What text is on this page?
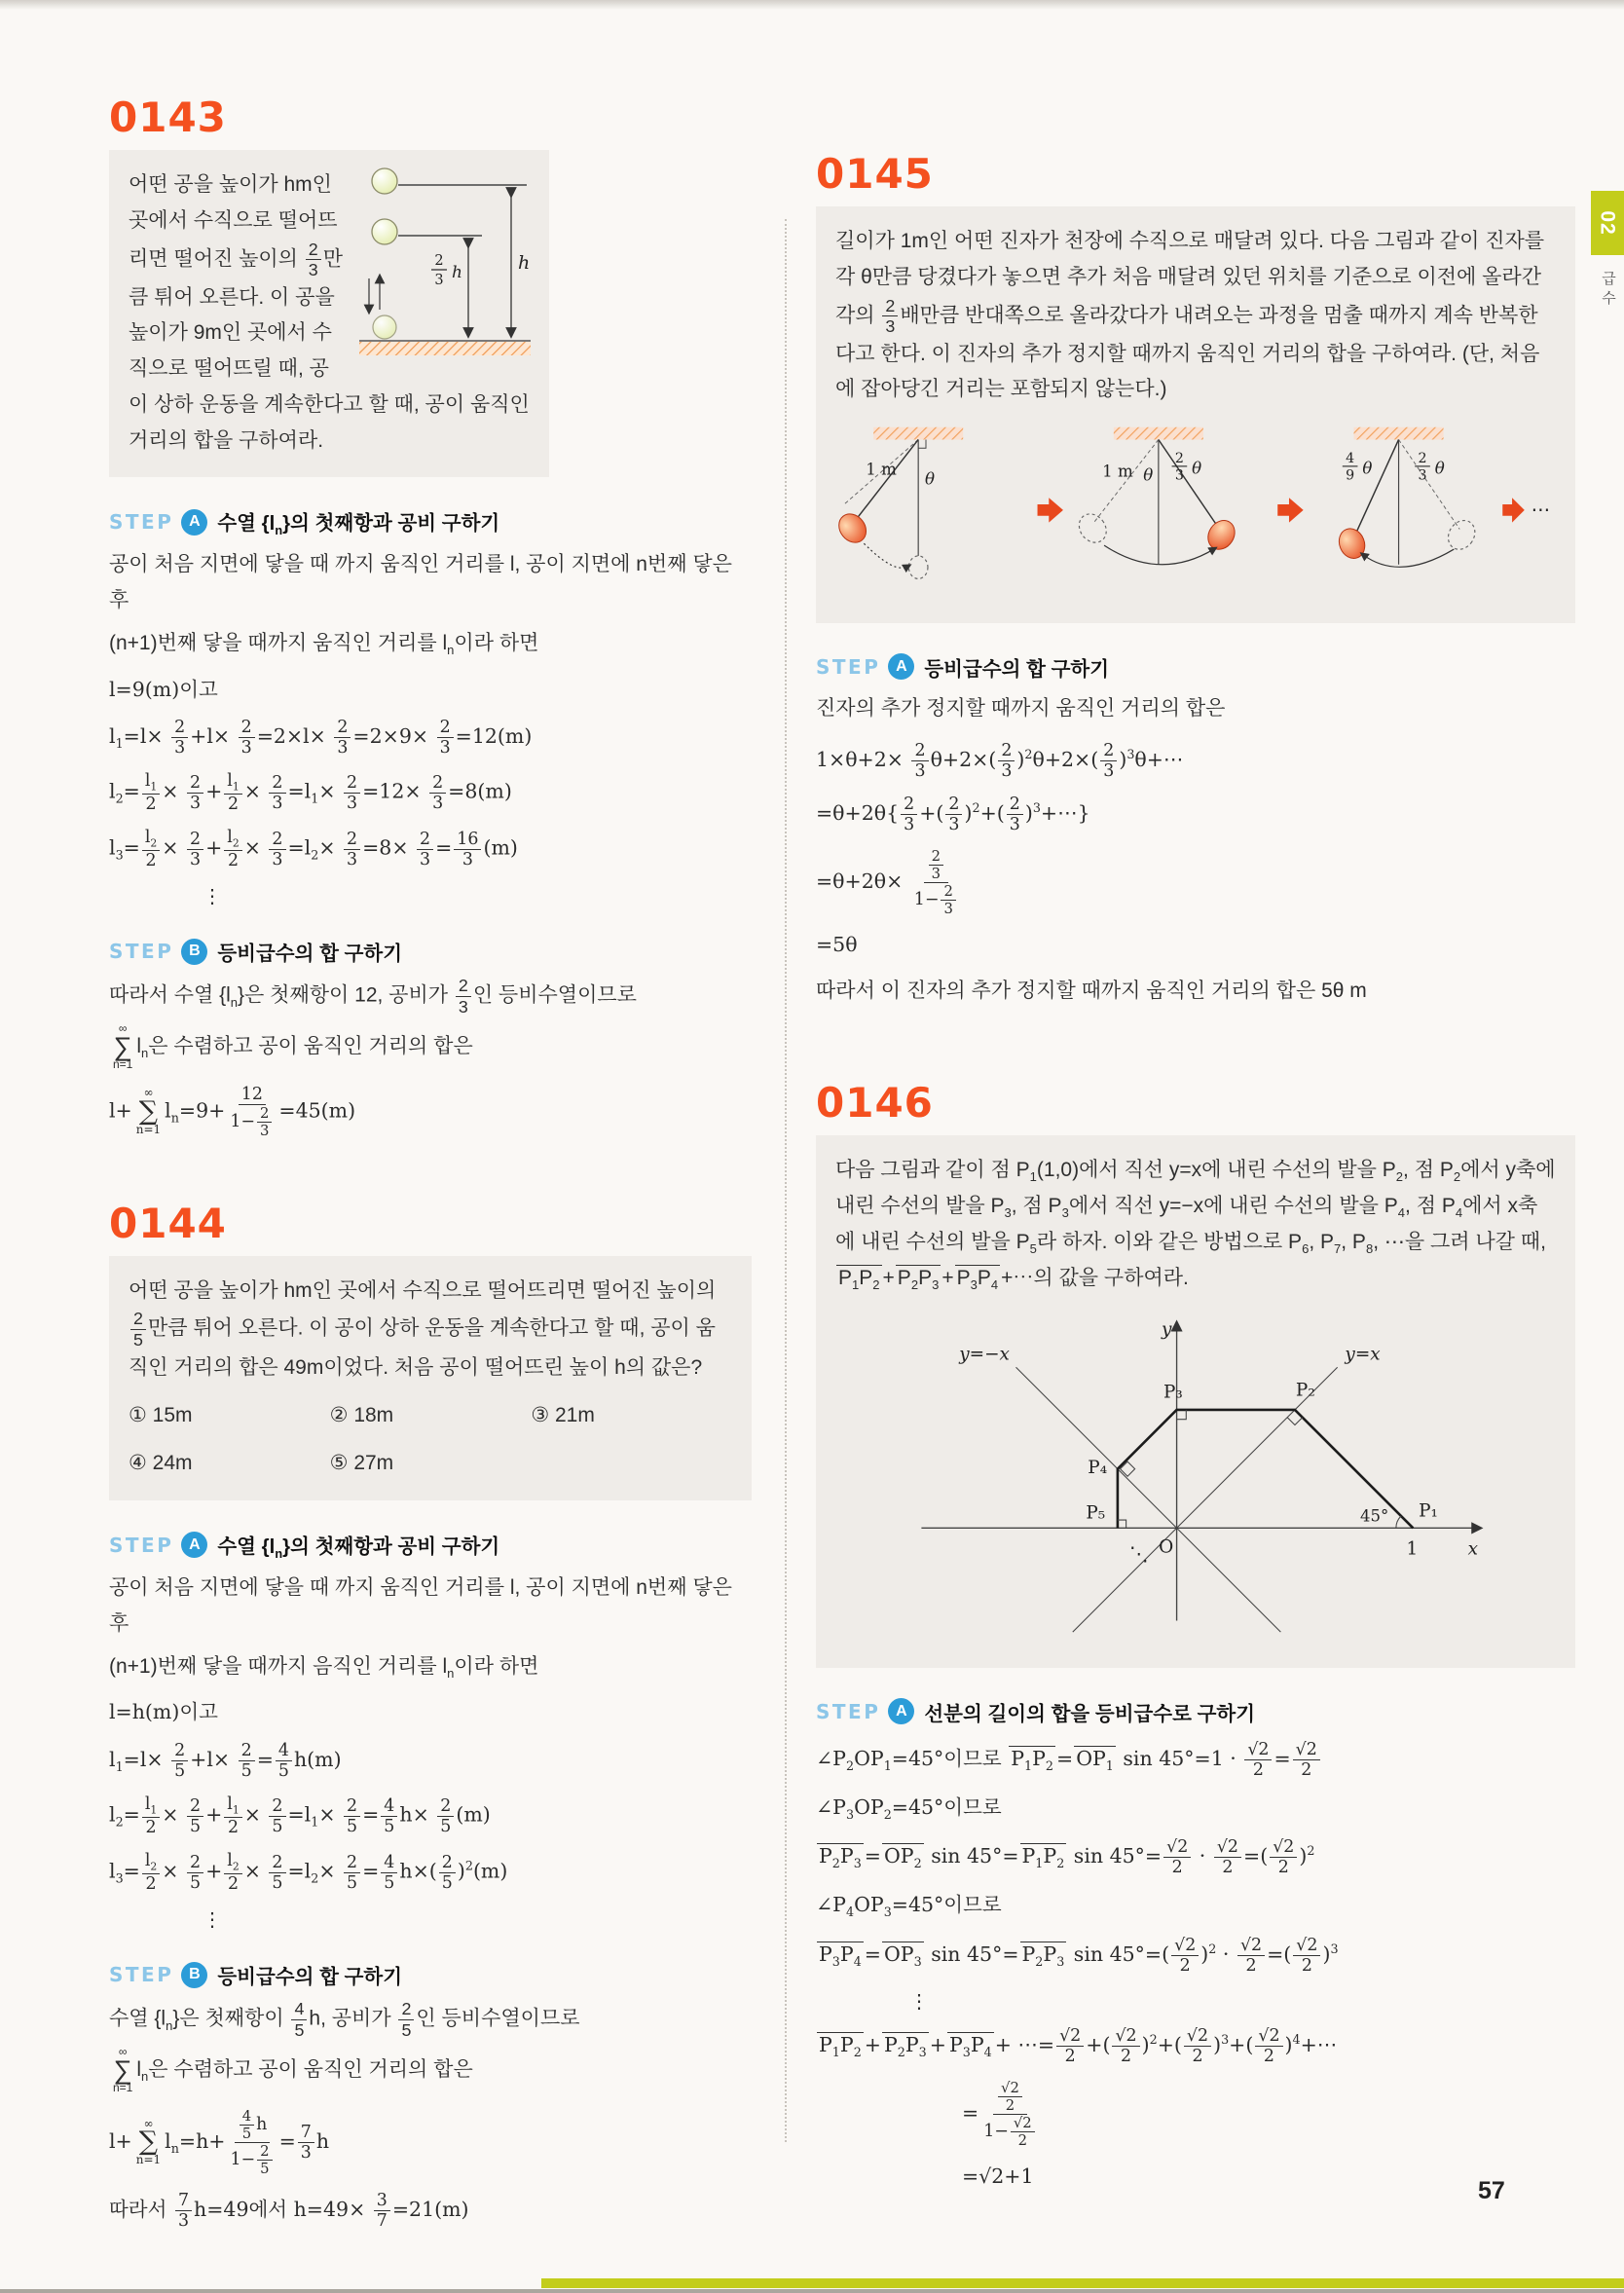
02
급수
0143
h
2
3 h

어떤 공을 높이가 hm인 곳에서 수직으로 떨어뜨리면 떨어진 높이의 $\frac{2}{3}$ 만큼 튀어 오른다. 이 공을 높이가 9m인 곳에서 수직으로 떨어뜨릴 때, 공이 상하 운동을 계속한다고 할 때, 공이 움직인 거리의 합을 구하여라.

STEP A 수열 $\{l_n\}$의 첫째항과 공비 구하기
공이 처음 지면에 닿을 때 까지 움직인 거리를 l, 공이 지면에 n번째 닿은 후
(n+1)번째 닿을 때까지 움직인 거리를 $l_n$이라 하면
l=9(m)이고
$l_1=l\times \frac{2}{3} +l\times \frac{2}{3} =2\times l\times \frac{2}{3} =2\times 9\times \frac{2}{3} =12(m)$
$l_2= \frac{l_1}{2} \times \frac{2}{3} + \frac{l_1}{2} \times \frac{2}{3} =l_1\times \frac{2}{3} =12\times \frac{2}{3} =8(m)$
$l_3= \frac{l_2}{2} \times \frac{2}{3} + \frac{l_2}{2} \times \frac{2}{3} =l_2\times \frac{2}{3} =8\times \frac{2}{3} = \frac{16}{3} (m)$
⋮
STEP B 등비급수의 합 구하기
따라서 수열 $\{l_n\}$은 첫째항이 12, 공비가 $\frac{2}{3}$ 인 등비수열이므로
∞
∑
n=1
$l_n$은 수렴하고 공이 움직인 거리의 합은
l+
∞
∑
n=1
$l_n=9+ \frac{12}{1- \frac{2}{3}} =45(m)$
0144

어떤 공을 높이가 hm인 곳에서 수직으로 떨어뜨리면 떨어진 높이의
$\frac{2}{5}$ 만큼 튀어 오른다. 이 공이 상하 운동을 계속한다고 할 때, 공이 움직인 거리의 합은 49m이었다. 처음 공이 떨어뜨린 높이 h의 값은?

① 15m	② 18m	③ 21m
④ 24m	⑤ 27m
STEP A 수열 $\{l_n\}$의 첫째항과 공비 구하기
공이 처음 지면에 닿을 때 까지 움직인 거리를 l, 공이 지면에 n번째 닿은 후
(n+1)번째 닿을 때까지 음직인 거리를 $l_n$이라 하면
l=h(m)이고
$l_1=l\times \frac{2}{5} +l\times \frac{2}{5} = \frac{4}{5} h(m)$
$l_2= \frac{l_1}{2} \times \frac{2}{5} + \frac{l_1}{2} \times \frac{2}{5} =l_1\times \frac{2}{5} = \frac{4}{5} h\times \frac{2}{5} (m)$
$l_3= \frac{l_2}{2} \times \frac{2}{5} + \frac{l_2}{2} \times \frac{2}{5} =l_2\times \frac{2}{5} = \frac{4}{5} h\times( \frac{2}{5} )^2(m)$
⋮
STEP B 등비급수의 합 구하기
수열 $\{l_n\}$은 첫째항이 $\frac{4}{5} h$, 공비가 $\frac{2}{5}$ 인 등비수열이므로
∞
∑
n=1
$l_n$은 수렴하고 공이 움직인 거리의 합은
l+
∞
∑
n=1
$l_n=h+ \frac{\frac{4}{5} h}{1- \frac{2}{5}} = \frac{7}{3}$ h
따라서 $\frac{7}{3} h=49$에서 $h=49\times \frac{3}{7} =21(m)$
0145

길이가 1m인 어떤 진자가 천장에 수직으로 매달려 있다. 다음 그림과 같이 진자를 각 θ만큼 당겼다가 놓으면 추가 처음 매달려 있던 위치를 기준으로 이전에 올라간 각의 $\frac{2}{3}$ 배만큼 반대쪽으로 올라갔다가 내려오는 과정을 멈출 때까지 계속 반복한다고 한다. 이 진자의 추가 정지할 때까지 움직인 거리의 합을 구하여라. (단, 처음에 잡아당긴 거리는 포함되지 않는다.)

1 m
θ	1 m θ
2
3 θ
4
9 θ
2
3 θ
⋯
STEP A 등비급수의 합 구하기
진자의 추가 정지할 때까지 움직인 거리의 합은
$1\times\theta+2\times \frac{2}{3} \theta+2\times( \frac{2}{3} )^2\theta+2\times( \frac{2}{3}$ )$^3\theta+\cdots$
$=\theta+2\theta\{ \frac{2}{3}$ +( $\frac{2}{3} )^2+( \frac{2}{3}$ )$^3+\cdots$}
$=\theta+2\theta\times \frac{\frac{2}{3}}{1- \frac{2}{3}}$
=5θ
따라서 이 진자의 추가 정지할 때까지 움직인 거리의 합은 5θ m
0146

다음 그림과 같이 점 $P_1(1,0)$에서 직선 y=x에 내린 수선의 발을 $P_2$, 점 $P_2$에서 y축에 내린 수선의 발을 $P_3$, 점 $P_3$에서 직선 y=−x에 내린 수선의 발을 $P_4$, 점 $P_4$에서 x축에 내린 수선의 발을 $P_5$라 하자. 이와 같은 방법으로 $P_6$, $P_7$, $P_8$, ⋯을 그려 나갈 때, $P_1P_2 + P_2P_3 + P_3P_4$ +⋯의 값을 구하여라.

y=−x	y=x
y
x
O	1
45° P₁
P₂
P₃
P₄
P₅
⋱
STEP A 선분의 길이의 합을 등비급수로 구하기
$\angle P_2OP_1=45^\circ$이므로 $P_1P_2 = OP_1$ $\sin 45^\circ=1 \cdot \frac{√2}{2} = \frac{√2}{2}$
$\angle P_3OP_2=45^\circ$이므로
$P_2P_3 = OP_2$ $\sin 45^\circ= P_1P_2$ $\sin 45^\circ= \frac{√2}{2} \cdot \frac{√2}{2}$ =( $\frac{√2}{2} )^2$
$\angle P_4OP_3=45^\circ$이므로
$P_3P_4 = OP_3$ $\sin 45^\circ= P_2P_3$ $\sin 45^\circ=( \frac{√2}{2} )^2 \cdot \frac{√2}{2}$ =( $\frac{√2}{2} )^3$
⋮
$P_1P_2 + P_2P_3 + P_3P_4$ + ⋯= $\frac{√2}{2}$ +( $\frac{√2}{2} )^2+( \frac{√2}{2} )^3+( \frac{√2}{2}$ )$^4+\cdots$
= $\frac{\frac{√2}{2}}{1- \frac{√2}{2}}$
=√2+1
57
